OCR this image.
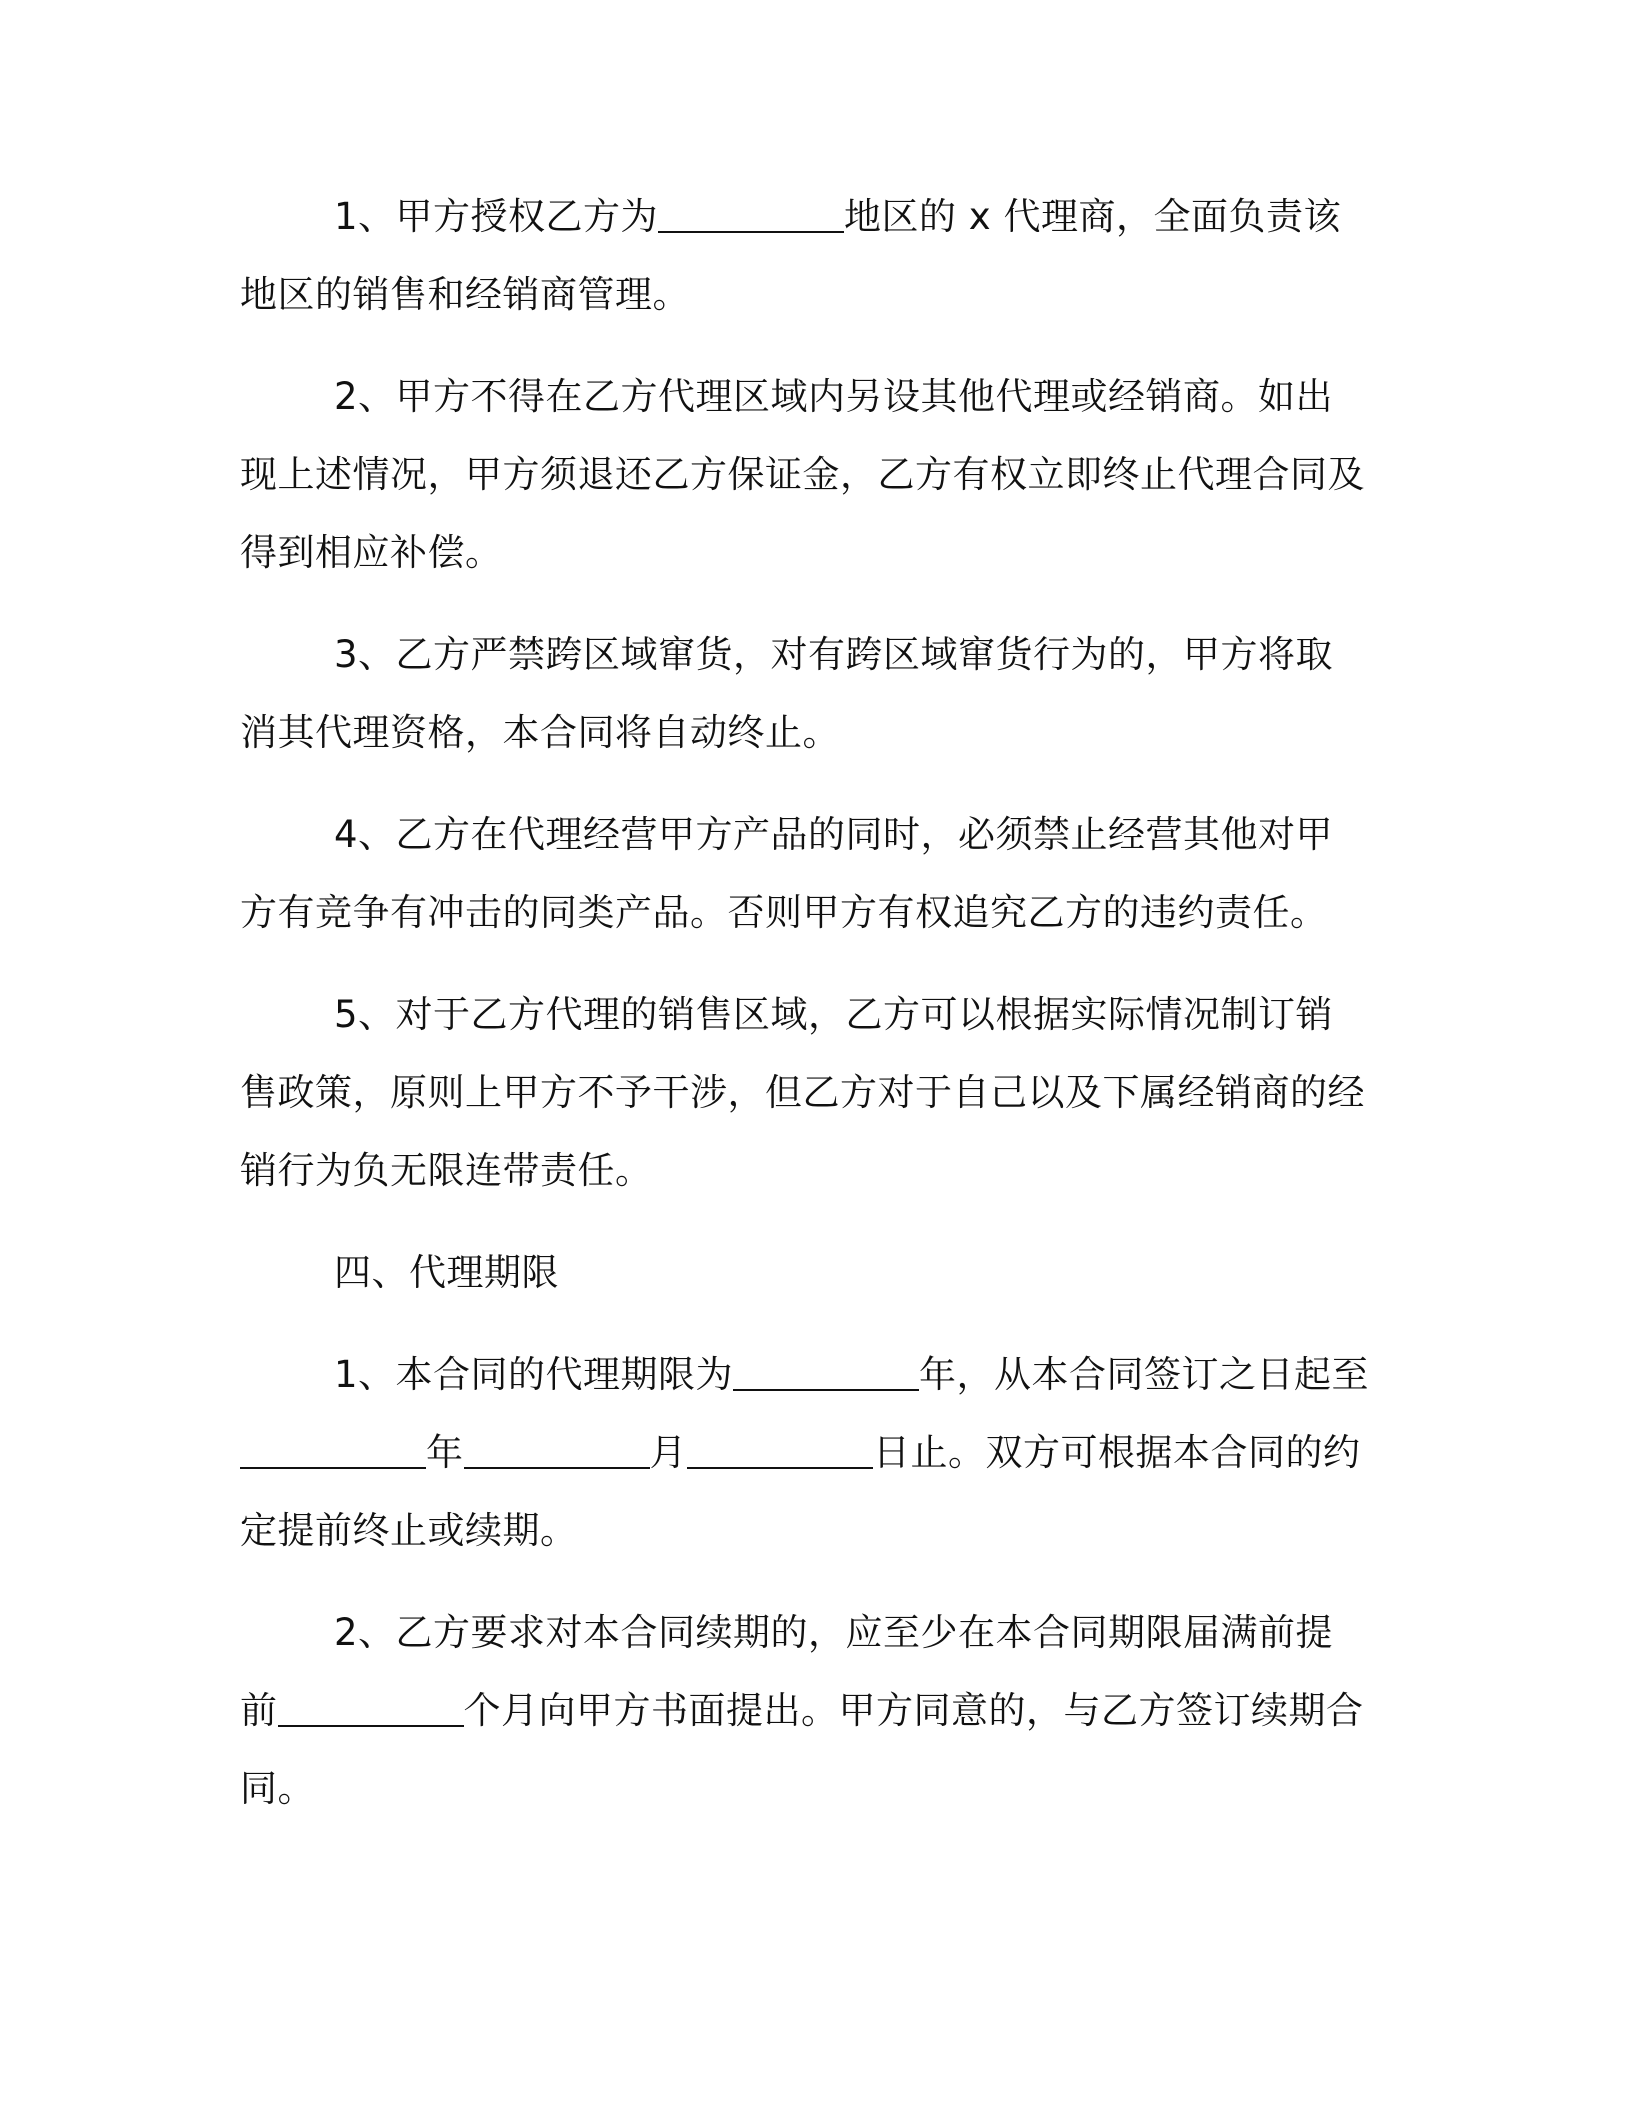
1、甲方授权乙方为	地区的 x 代理商，全面负责该地区的销售和经销商管理。

2、甲方不得在乙方代理区域内另设其他代理或经销商。如出现上述情况，甲方须退还乙方保证金，乙方有权立即终止代理合同及得到相应补偿。

3、乙方严禁跨区域窜货，对有跨区域窜货行为的，甲方将取消其代理资格，本合同将自动终止。

4、乙方在代理经营甲方产品的同时，必须禁止经营其他对甲方有竞争有冲击的同类产品。否则甲方有权追究乙方的违约责任。

5、对于乙方代理的销售区域，乙方可以根据实际情况制订销售政策，原则上甲方不予干涉，但乙方对于自己以及下属经销商的经销行为负无限连带责任。

四、代理期限

1、本合同的代理期限为	年，从本合同签订之日起至年	月	日止。双方可根据本合同的约定提前终止或续期。

2、乙方要求对本合同续期的，应至少在本合同期限届满前提前	个月向甲方书面提出。甲方同意的，与乙方签订续期合同。
